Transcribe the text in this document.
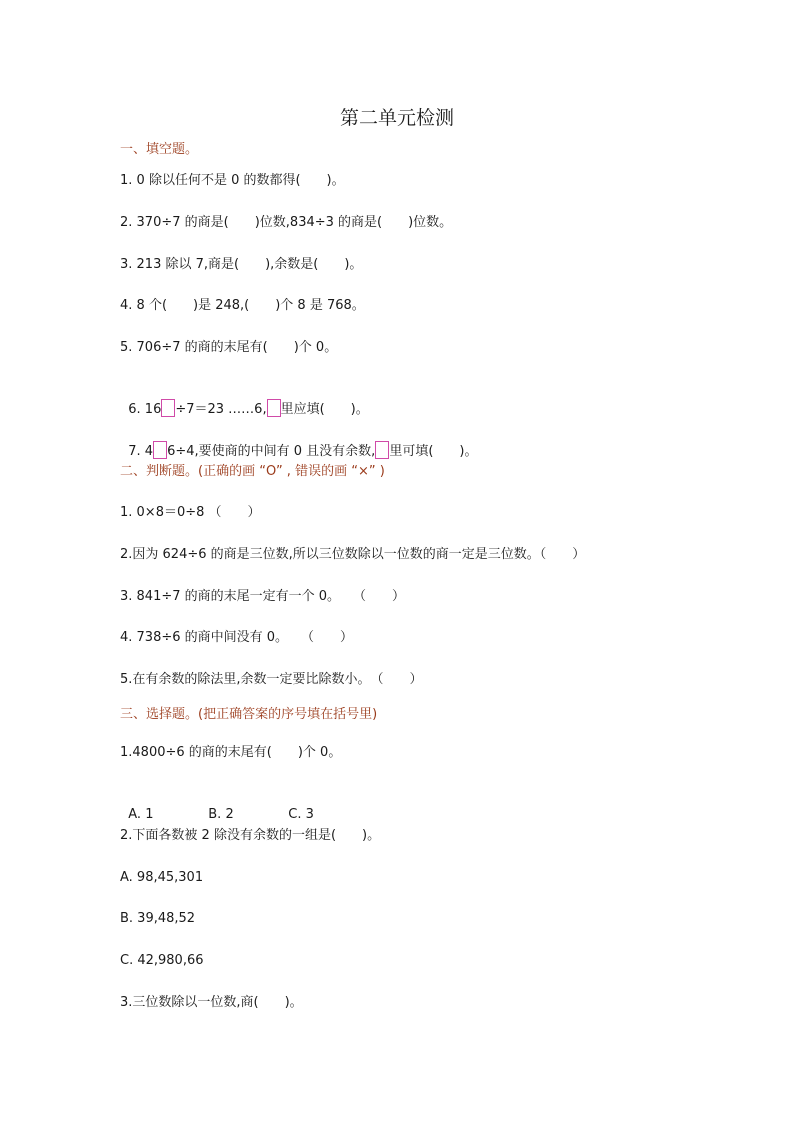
第二单元检测
一、填空题。
1. 0 除以任何不是 0 的数都得(　　)。
2. 370÷7 的商是(　　)位数,834÷3 的商是(　　)位数。
3. 213 除以 7,商是(　　),余数是(　　)。
4. 8 个(　　)是 248,(　　)个 8 是 768。
5. 706÷7 的商的末尾有(　　)个 0。

6. 16 ÷7＝23 ……6, 里应填(　　)。

7. 4 6÷4,要使商的中间有 0 且没有余数, 里可填(　　)。

二、判断题。(正确的画 “O” , 错误的画 “×” )
1. 0×8＝0÷8 （　　）
2.因为 624÷6 的商是三位数,所以三位数除以一位数的商一定是三位数。（　　）
3. 841÷7 的商的末尾一定有一个 0。　　（　　）
4. 738÷6 的商中间没有 0。　　（　　）
5.在有余数的除法里,余数一定要比除数小。　（　　）
三、选择题。(把正确答案的序号填在括号里)
1.4800÷6 的商的末尾有(　　)个 0。

A. 1	B. 2	C. 3

2.下面各数被 2 除没有余数的一组是(　　)。
A. 98,45,301
B. 39,48,52
C. 42,980,66
3.三位数除以一位数,商(　　)。
